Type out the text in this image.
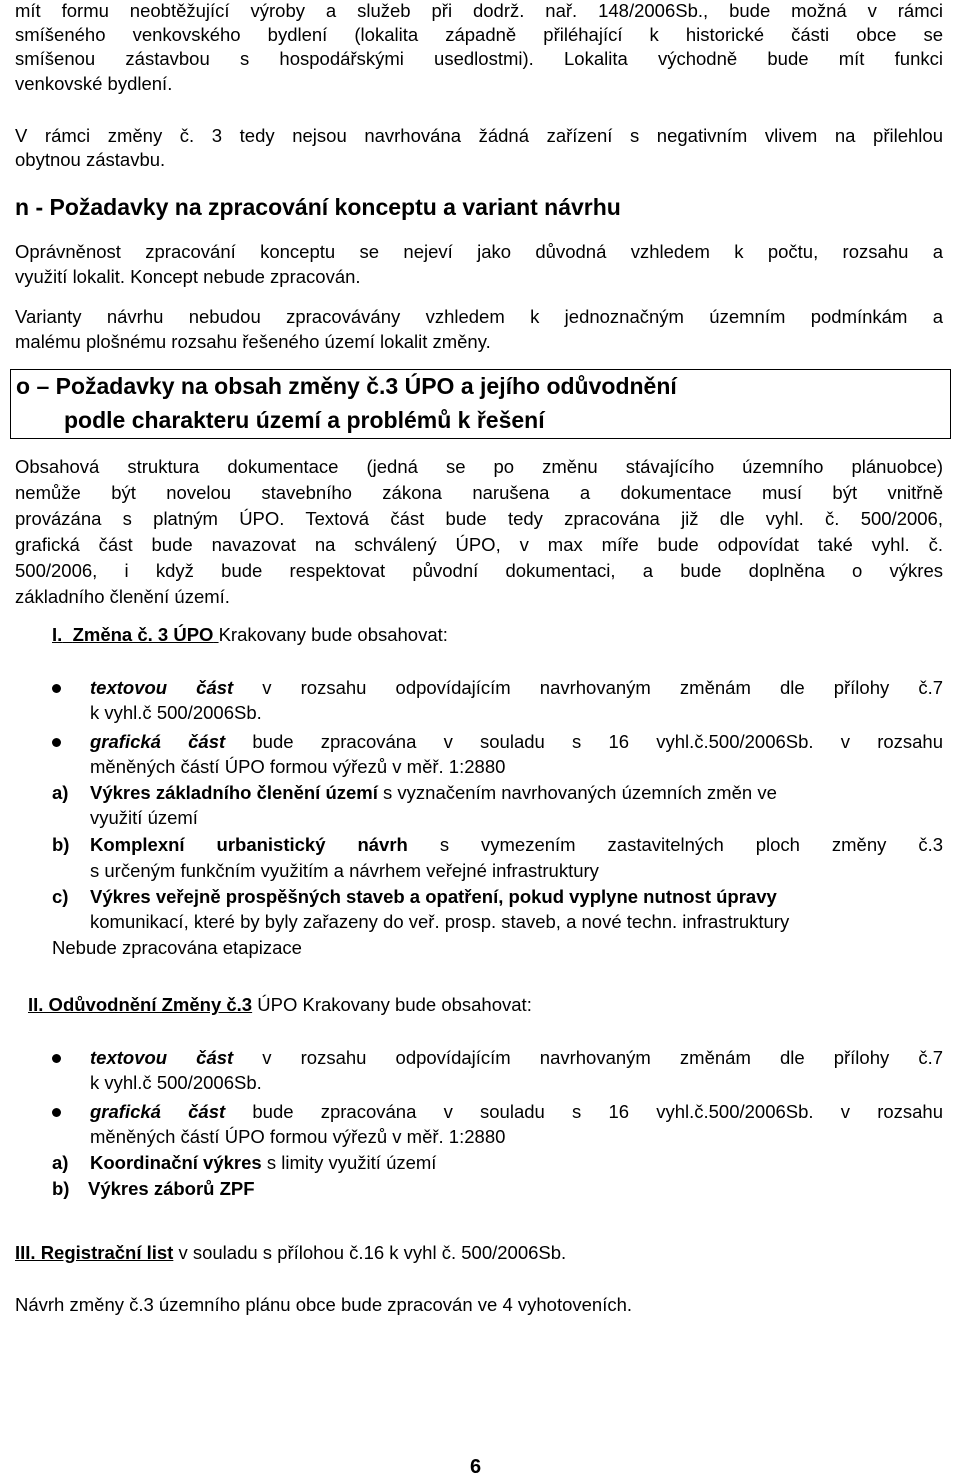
mít formu neobtěžující výroby a služeb při dodrž. nař. 148/2006Sb., bude možná v rámci
smíšeného venkovského bydlení (lokalita západně přiléhající k historické části obce se
smíšenou zástavbou s hospodářskými usedlostmi). Lokalita východně bude mít funkci
venkovské bydlení.
V rámci změny č. 3 tedy nejsou navrhována žádná zařízení s negativním vlivem na přilehlou
obytnou zástavbu.
n - Požadavky na zpracování konceptu a variant návrhu
Oprávněnost zpracování konceptu se nejeví jako důvodná vzhledem k počtu, rozsahu a
využití lokalit. Koncept nebude zpracován.
Varianty návrhu nebudou zpracovávány vzhledem k jednoznačným územním podmínkám a
malému plošnému rozsahu řešeného území lokalit změny.
o – Požadavky na obsah změny č.3 ÚPO a jejího odůvodnění
podle charakteru území a problémů k řešení
Obsahová struktura dokumentace (jedná se po změnu stávajícího územního plánuobce)
nemůže být novelou stavebního zákona narušena a dokumentace musí být vnitřně
provázána s platným ÚPO. Textová část bude tedy zpracována již dle vyhl. č. 500/2006,
grafická část bude navazovat na schválený ÚPO, v max míře bude odpovídat také vyhl. č.
500/2006, i když bude respektovat původní dokumentaci, a bude doplněna o výkres
základního členění území.
I. Změna č. 3 ÚPO Krakovany bude obsahovat:
textovou část v rozsahu odpovídajícím navrhovaným změnám dle přílohy č.7
k vyhl.č 500/2006Sb.
grafická část bude zpracována v souladu s 16 vyhl.č.500/2006Sb. v rozsahu
měněných částí ÚPO formou výřezů v měř. 1:2880
a) Výkres základního členění území s vyznačením navrhovaných územních změn ve
využití území
b) Komplexní urbanistický návrh s vymezením zastavitelných ploch změny č.3
s určeným funkčním využitím a návrhem veřejné infrastruktury
c) Výkres veřejně prospěšných staveb a opatření, pokud vyplyne nutnost úpravy
komunikací, které by byly zařazeny do veř. prosp. staveb, a nové techn. infrastruktury
Nebude zpracována etapizace
II. Odůvodnění Změny č.3 ÚPO Krakovany bude obsahovat:
textovou část v rozsahu odpovídajícím navrhovaným změnám dle přílohy č.7
k vyhl.č 500/2006Sb.
grafická část bude zpracována v souladu s 16 vyhl.č.500/2006Sb. v rozsahu
měněných částí ÚPO formou výřezů v měř. 1:2880
a) Koordinační výkres s limity využití území
b) Výkres záborů ZPF
III. Registrační list v souladu s přílohou č.16 k vyhl č. 500/2006Sb.
Návrh změny č.3 územního plánu obce bude zpracován ve 4 vyhotoveních.
6
